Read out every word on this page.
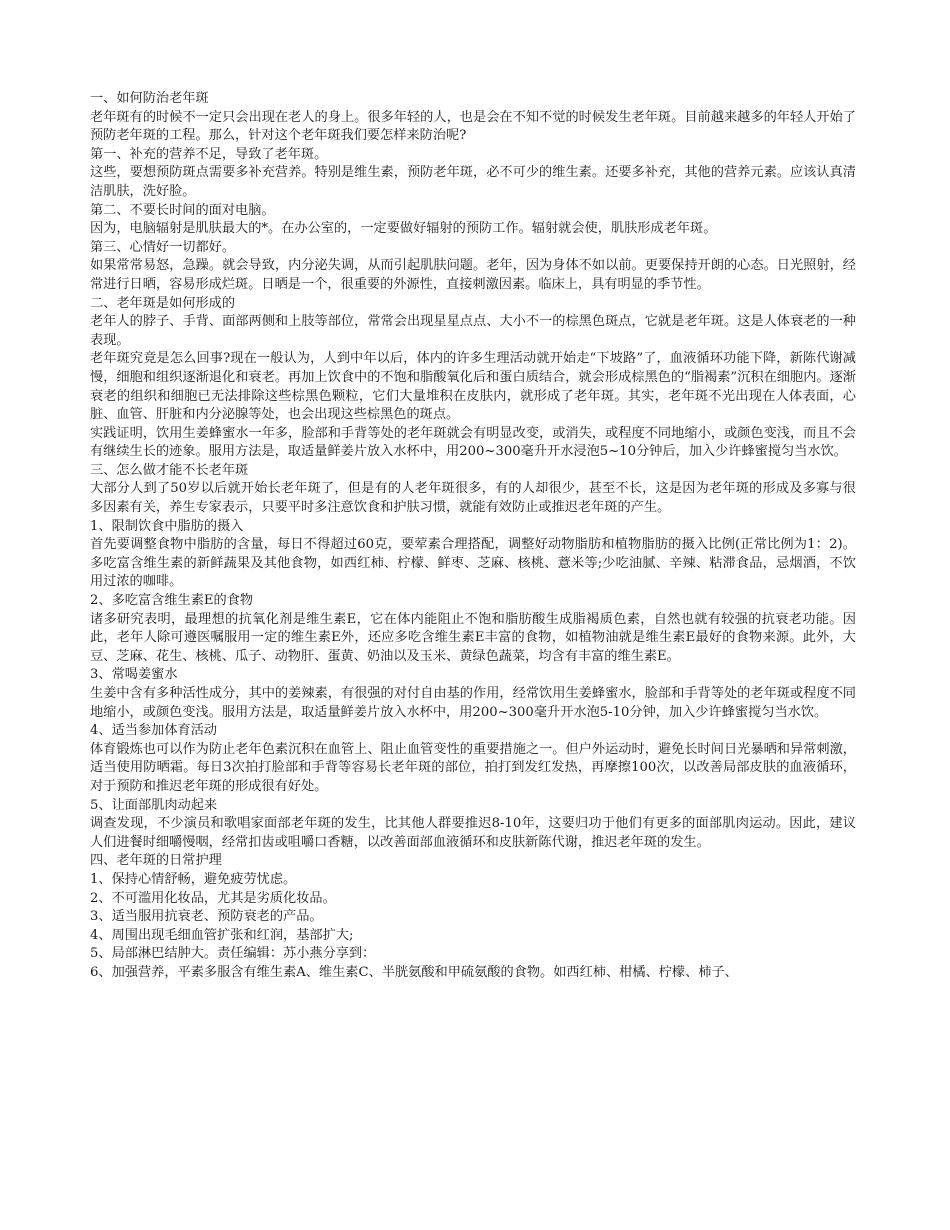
一、如何防治老年斑
老年斑有的时候不一定只会出现在老人的身上。很多年轻的人，也是会在不知不觉的时候发生老年斑。目前越来越多的年轻人开始了预防老年斑的工程。那么，针对这个老年斑我们要怎样来防治呢?
第一、补充的营养不足，导致了老年斑。
这些，要想预防斑点需要多补充营养。特别是维生素，预防老年斑，必不可少的维生素。还要多补充，其他的营养元素。应该认真清洁肌肤，洗好脸。
第二、不要长时间的面对电脑。
因为，电脑辐射是肌肤最大的*。在办公室的，一定要做好辐射的预防工作。辐射就会使，肌肤形成老年斑。
第三、心情好一切都好。
如果常常易怒，急躁。就会导致，内分泌失调，从而引起肌肤问题。老年，因为身体不如以前。更要保持开朗的心态。日光照射，经常进行日晒，容易形成烂斑。日晒是一个，很重要的外源性，直接刺激因素。临床上，具有明显的季节性。
二、老年斑是如何形成的
老年人的脖子、手背、面部两侧和上肢等部位，常常会出现星星点点、大小不一的棕黑色斑点，它就是老年斑。这是人体衰老的一种表现。
老年斑究竟是怎么回事?现在一般认为，人到中年以后，体内的许多生理活动就开始走“下坡路”了，血液循环功能下降，新陈代谢减慢，细胞和组织逐渐退化和衰老。再加上饮食中的不饱和脂酸氧化后和蛋白质结合，就会形成棕黑色的“脂褐素”沉积在细胞内。逐渐衰老的组织和细胞已无法排除这些棕黑色颗粒，它们大量堆积在皮肤内，就形成了老年斑。其实，老年斑不光出现在人体表面，心脏、血管、肝脏和内分泌腺等处，也会出现这些棕黑色的斑点。
实践证明，饮用生姜蜂蜜水一年多，脸部和手背等处的老年斑就会有明显改变，或消失，或程度不同地缩小，或颜色变浅，而且不会有继续生长的迹象。服用方法是，取适量鲜姜片放入水杯中，用200~300毫升开水浸泡5~10分钟后，加入少许蜂蜜搅匀当水饮。
三、怎么做才能不长老年斑
大部分人到了50岁以后就开始长老年斑了，但是有的人老年斑很多，有的人却很少，甚至不长，这是因为老年斑的形成及多寡与很多因素有关，养生专家表示，只要平时多注意饮食和护肤习惯，就能有效防止或推迟老年斑的产生。
1、限制饮食中脂肪的摄入
首先要调整食物中脂肪的含量，每日不得超过60克，要荤素合理搭配，调整好动物脂肪和植物脂肪的摄入比例(正常比例为1：2)。多吃富含维生素的新鲜蔬果及其他食物，如西红柿、柠檬、鲜枣、芝麻、核桃、薏米等;少吃油腻、辛辣、粘滞食品，忌烟酒，不饮用过浓的咖啡。
2、多吃富含维生素E的食物
诸多研究表明，最理想的抗氧化剂是维生素E，它在体内能阻止不饱和脂肪酸生成脂褐质色素，自然也就有较强的抗衰老功能。因此，老年人除可遵医嘱服用一定的维生素E外，还应多吃含维生素E丰富的食物，如植物油就是维生素E最好的食物来源。此外，大豆、芝麻、花生、核桃、瓜子、动物肝、蛋黄、奶油以及玉米、黄绿色蔬菜，均含有丰富的维生素E。
3、常喝姜蜜水
生姜中含有多种活性成分，其中的姜辣素，有很强的对付自由基的作用，经常饮用生姜蜂蜜水，脸部和手背等处的老年斑或程度不同地缩小，或颜色变浅。服用方法是，取适量鲜姜片放入水杯中，用200~300毫升开水泡5-10分钟，加入少许蜂蜜搅匀当水饮。
4、适当参加体育活动
体育锻炼也可以作为防止老年色素沉积在血管上、阻止血管变性的重要措施之一。但户外运动时，避免长时间日光暴晒和异常刺激，适当使用防晒霜。每日3次拍打脸部和手背等容易长老年斑的部位，拍打到发红发热，再摩擦100次，以改善局部皮肤的血液循环，对于预防和推迟老年斑的形成很有好处。
5、让面部肌肉动起来
调查发现，不少演员和歌唱家面部老年斑的发生，比其他人群要推迟8-10年，这要归功于他们有更多的面部肌肉运动。因此，建议人们进餐时细嚼慢咽，经常扣齿或咀嚼口香糖，以改善面部血液循环和皮肤新陈代谢，推迟老年斑的发生。
四、老年斑的日常护理
1、保持心情舒畅，避免疲劳忧虑。
2、不可滥用化妆品，尤其是劣质化妆品。
3、适当服用抗衰老、预防衰老的产品。
4、周围出现毛细血管扩张和红润，基部扩大;
5、局部淋巴结肿大。责任编辑：苏小燕分享到：
6、加强营养，平素多服含有维生素A、维生素C、半胱氨酸和甲硫氨酸的食物。如西红柿、柑橘、柠檬、柿子、
